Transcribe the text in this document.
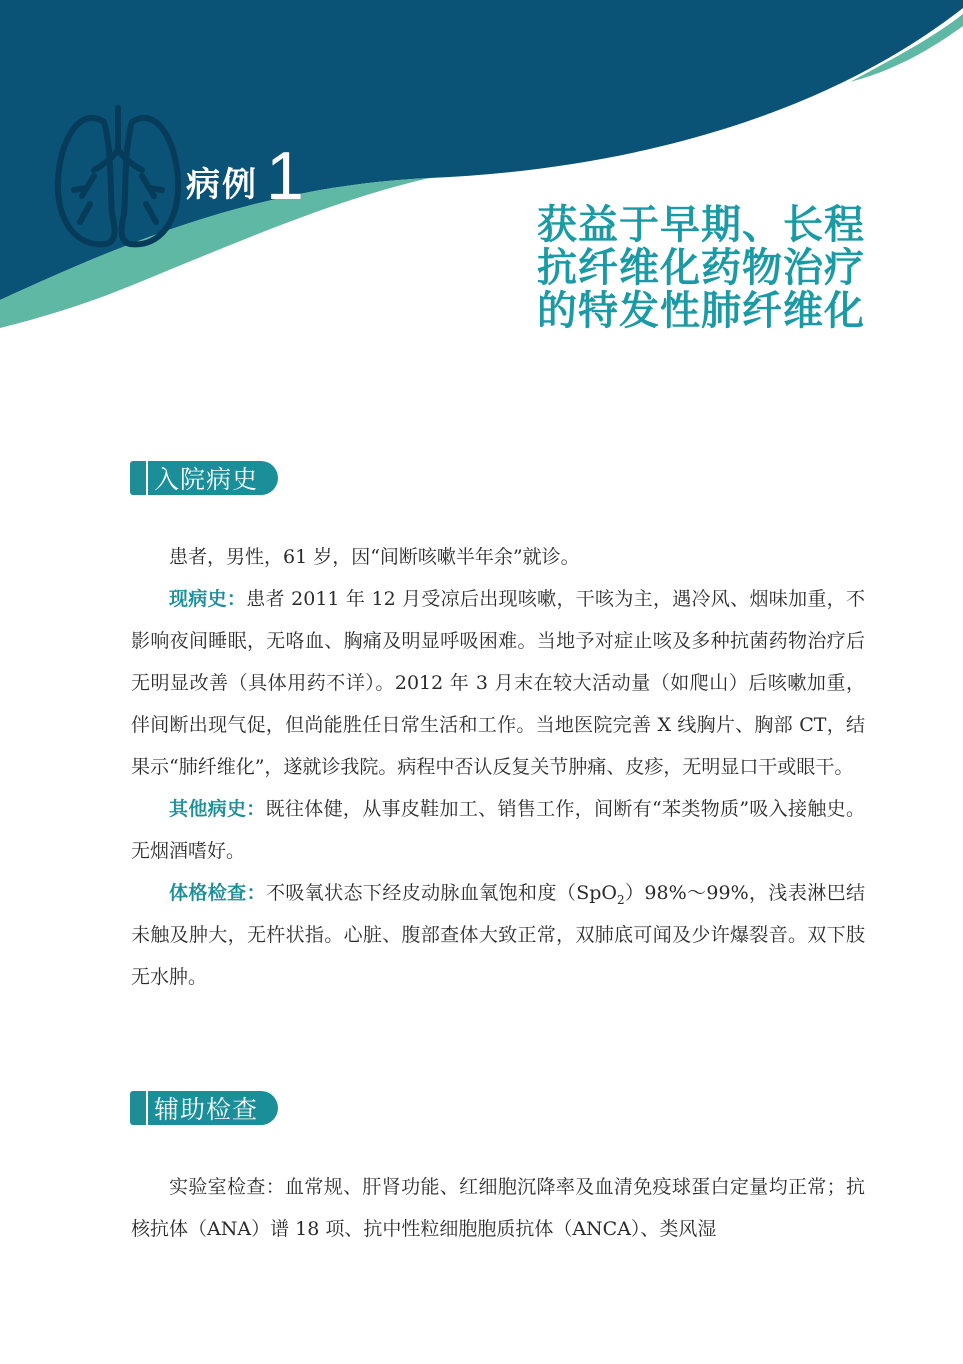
病例 1
获益于早期、长程
抗纤维化药物治疗
的特发性肺纤维化
入院病史

患者，男性，61 岁，因“间断咳嗽半年余”就诊。

现病史：患者 2011 年 12 月受凉后出现咳嗽，干咳为主，遇冷风、烟味加重，不影响夜间睡眠，无咯血、胸痛及明显呼吸困难。当地予对症止咳及多种抗菌药物治疗后无明显改善（具体用药不详）。2012 年 3 月末在较大活动量（如爬山）后咳嗽加重，伴间断出现气促，但尚能胜任日常生活和工作。当地医院完善 X 线胸片、胸部 CT，结果示“肺纤维化”，遂就诊我院。病程中否认反复关节肿痛、皮疹，无明显口干或眼干。

其他病史：既往体健，从事皮鞋加工、销售工作，间断有“苯类物质”吸入接触史。无烟酒嗜好。

体格检查：不吸氧状态下经皮动脉血氧饱和度（SpO$_2$）98%～99%，浅表淋巴结未触及肿大，无杵状指。心脏、腹部查体大致正常，双肺底可闻及少许爆裂音。双下肢无水肿。

辅助检查

实验室检查：血常规、肝肾功能、红细胞沉降率及血清免疫球蛋白定量均正常；抗核抗体（ANA）谱 18 项、抗中性粒细胞胞质抗体（ANCA）、类风湿
